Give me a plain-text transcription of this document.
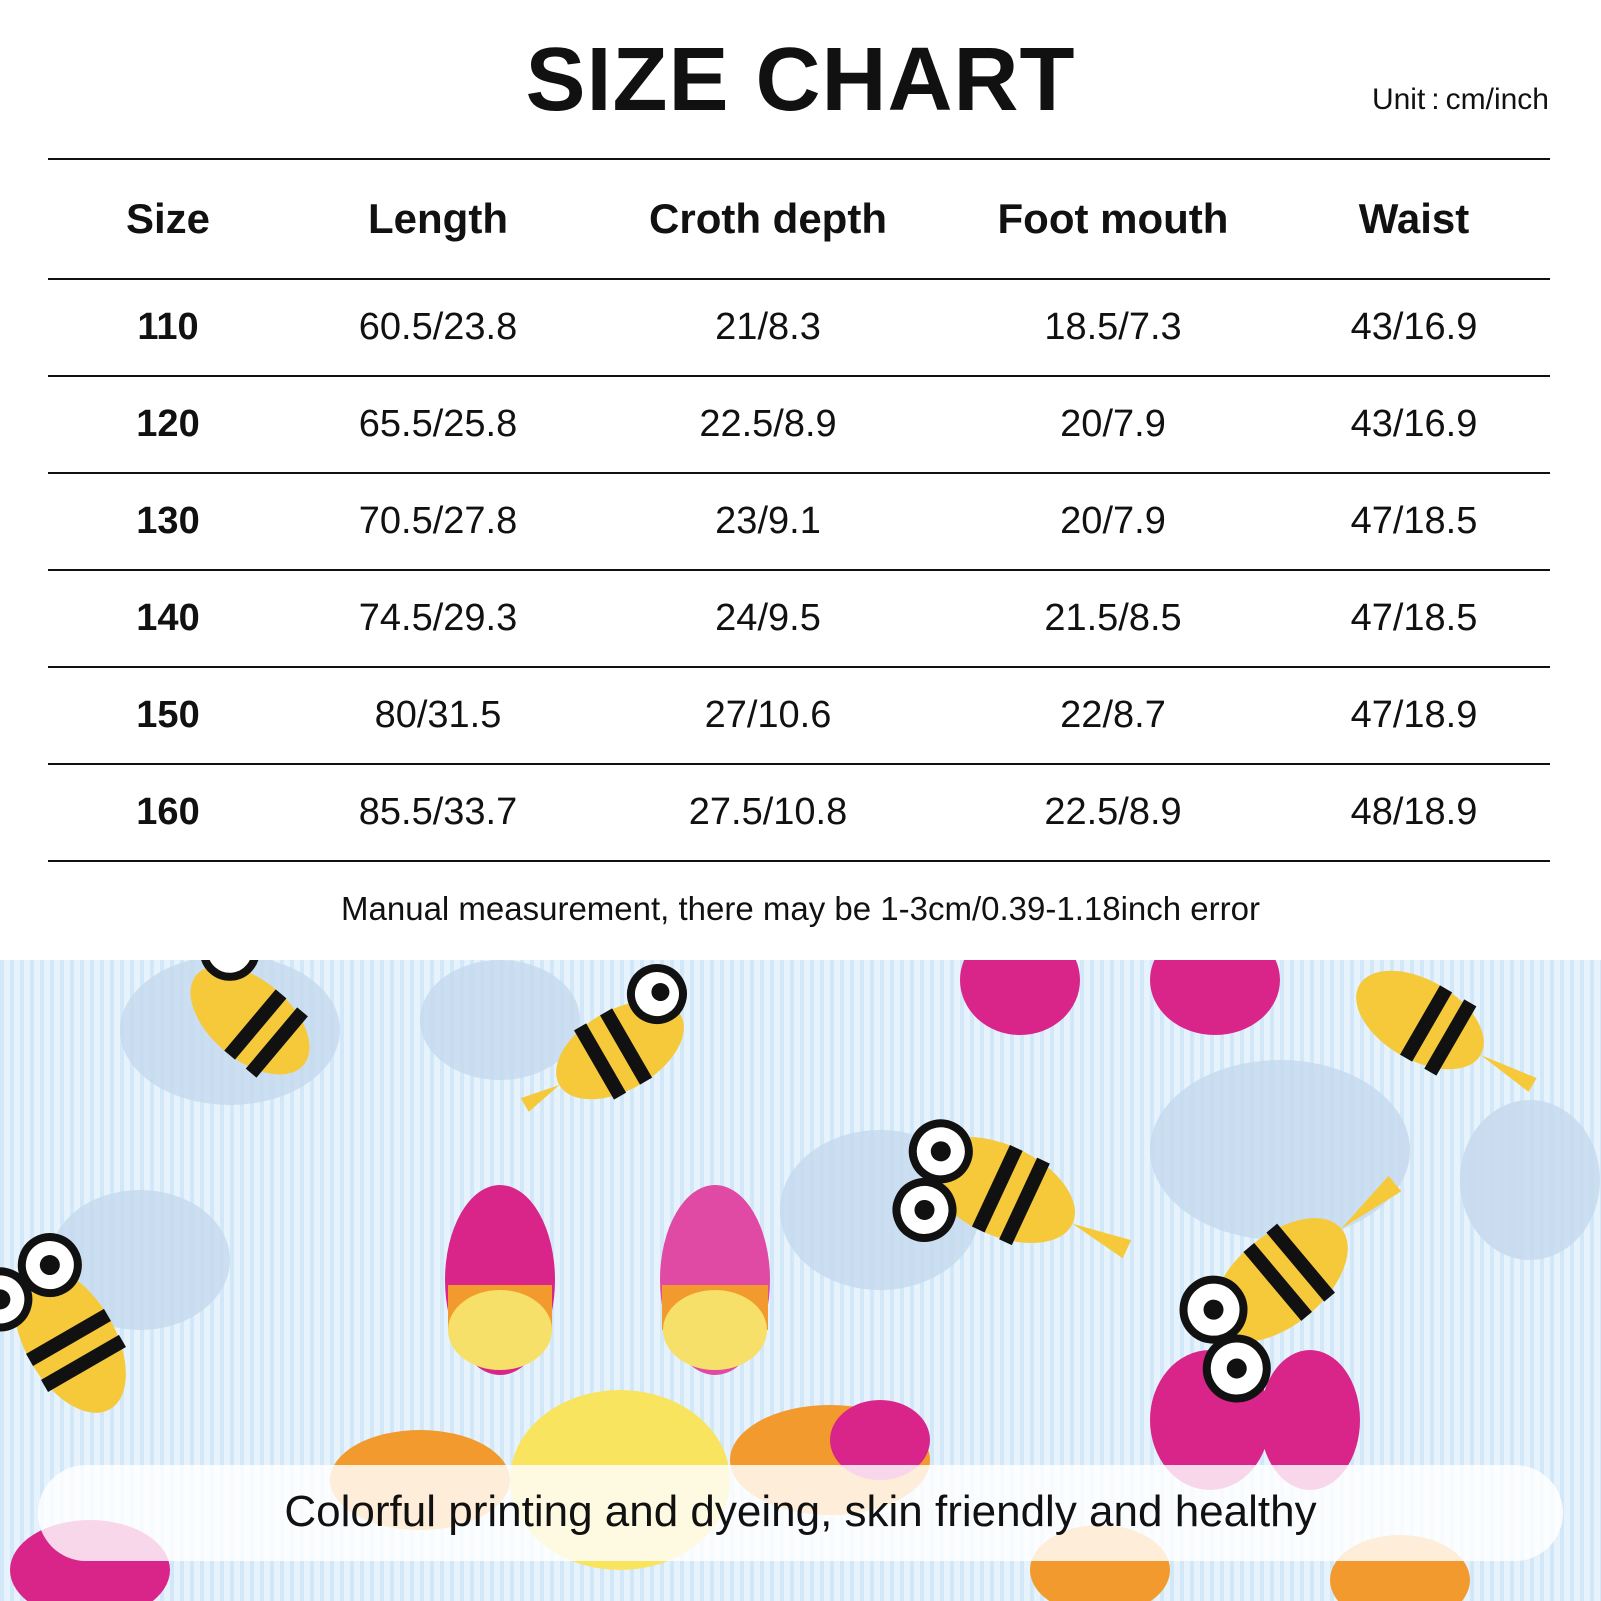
SIZE CHART	Unit : cm/inch
Size	Length	Croth depth	Foot mouth	Waist
110	60.5/23.8	21/8.3	18.5/7.3	43/16.9
120	65.5/25.8	22.5/8.9	20/7.9	43/16.9
130	70.5/27.8	23/9.1	20/7.9	47/18.5
140	74.5/29.3	24/9.5	21.5/8.5	47/18.5
150	80/31.5	27/10.6	22/8.7	47/18.9
160	85.5/33.7	27.5/10.8	22.5/8.9	48/18.9
Manual measurement, there may be 1-3cm/0.39-1.18inch error
Colorful printing and dyeing, skin friendly and healthy
